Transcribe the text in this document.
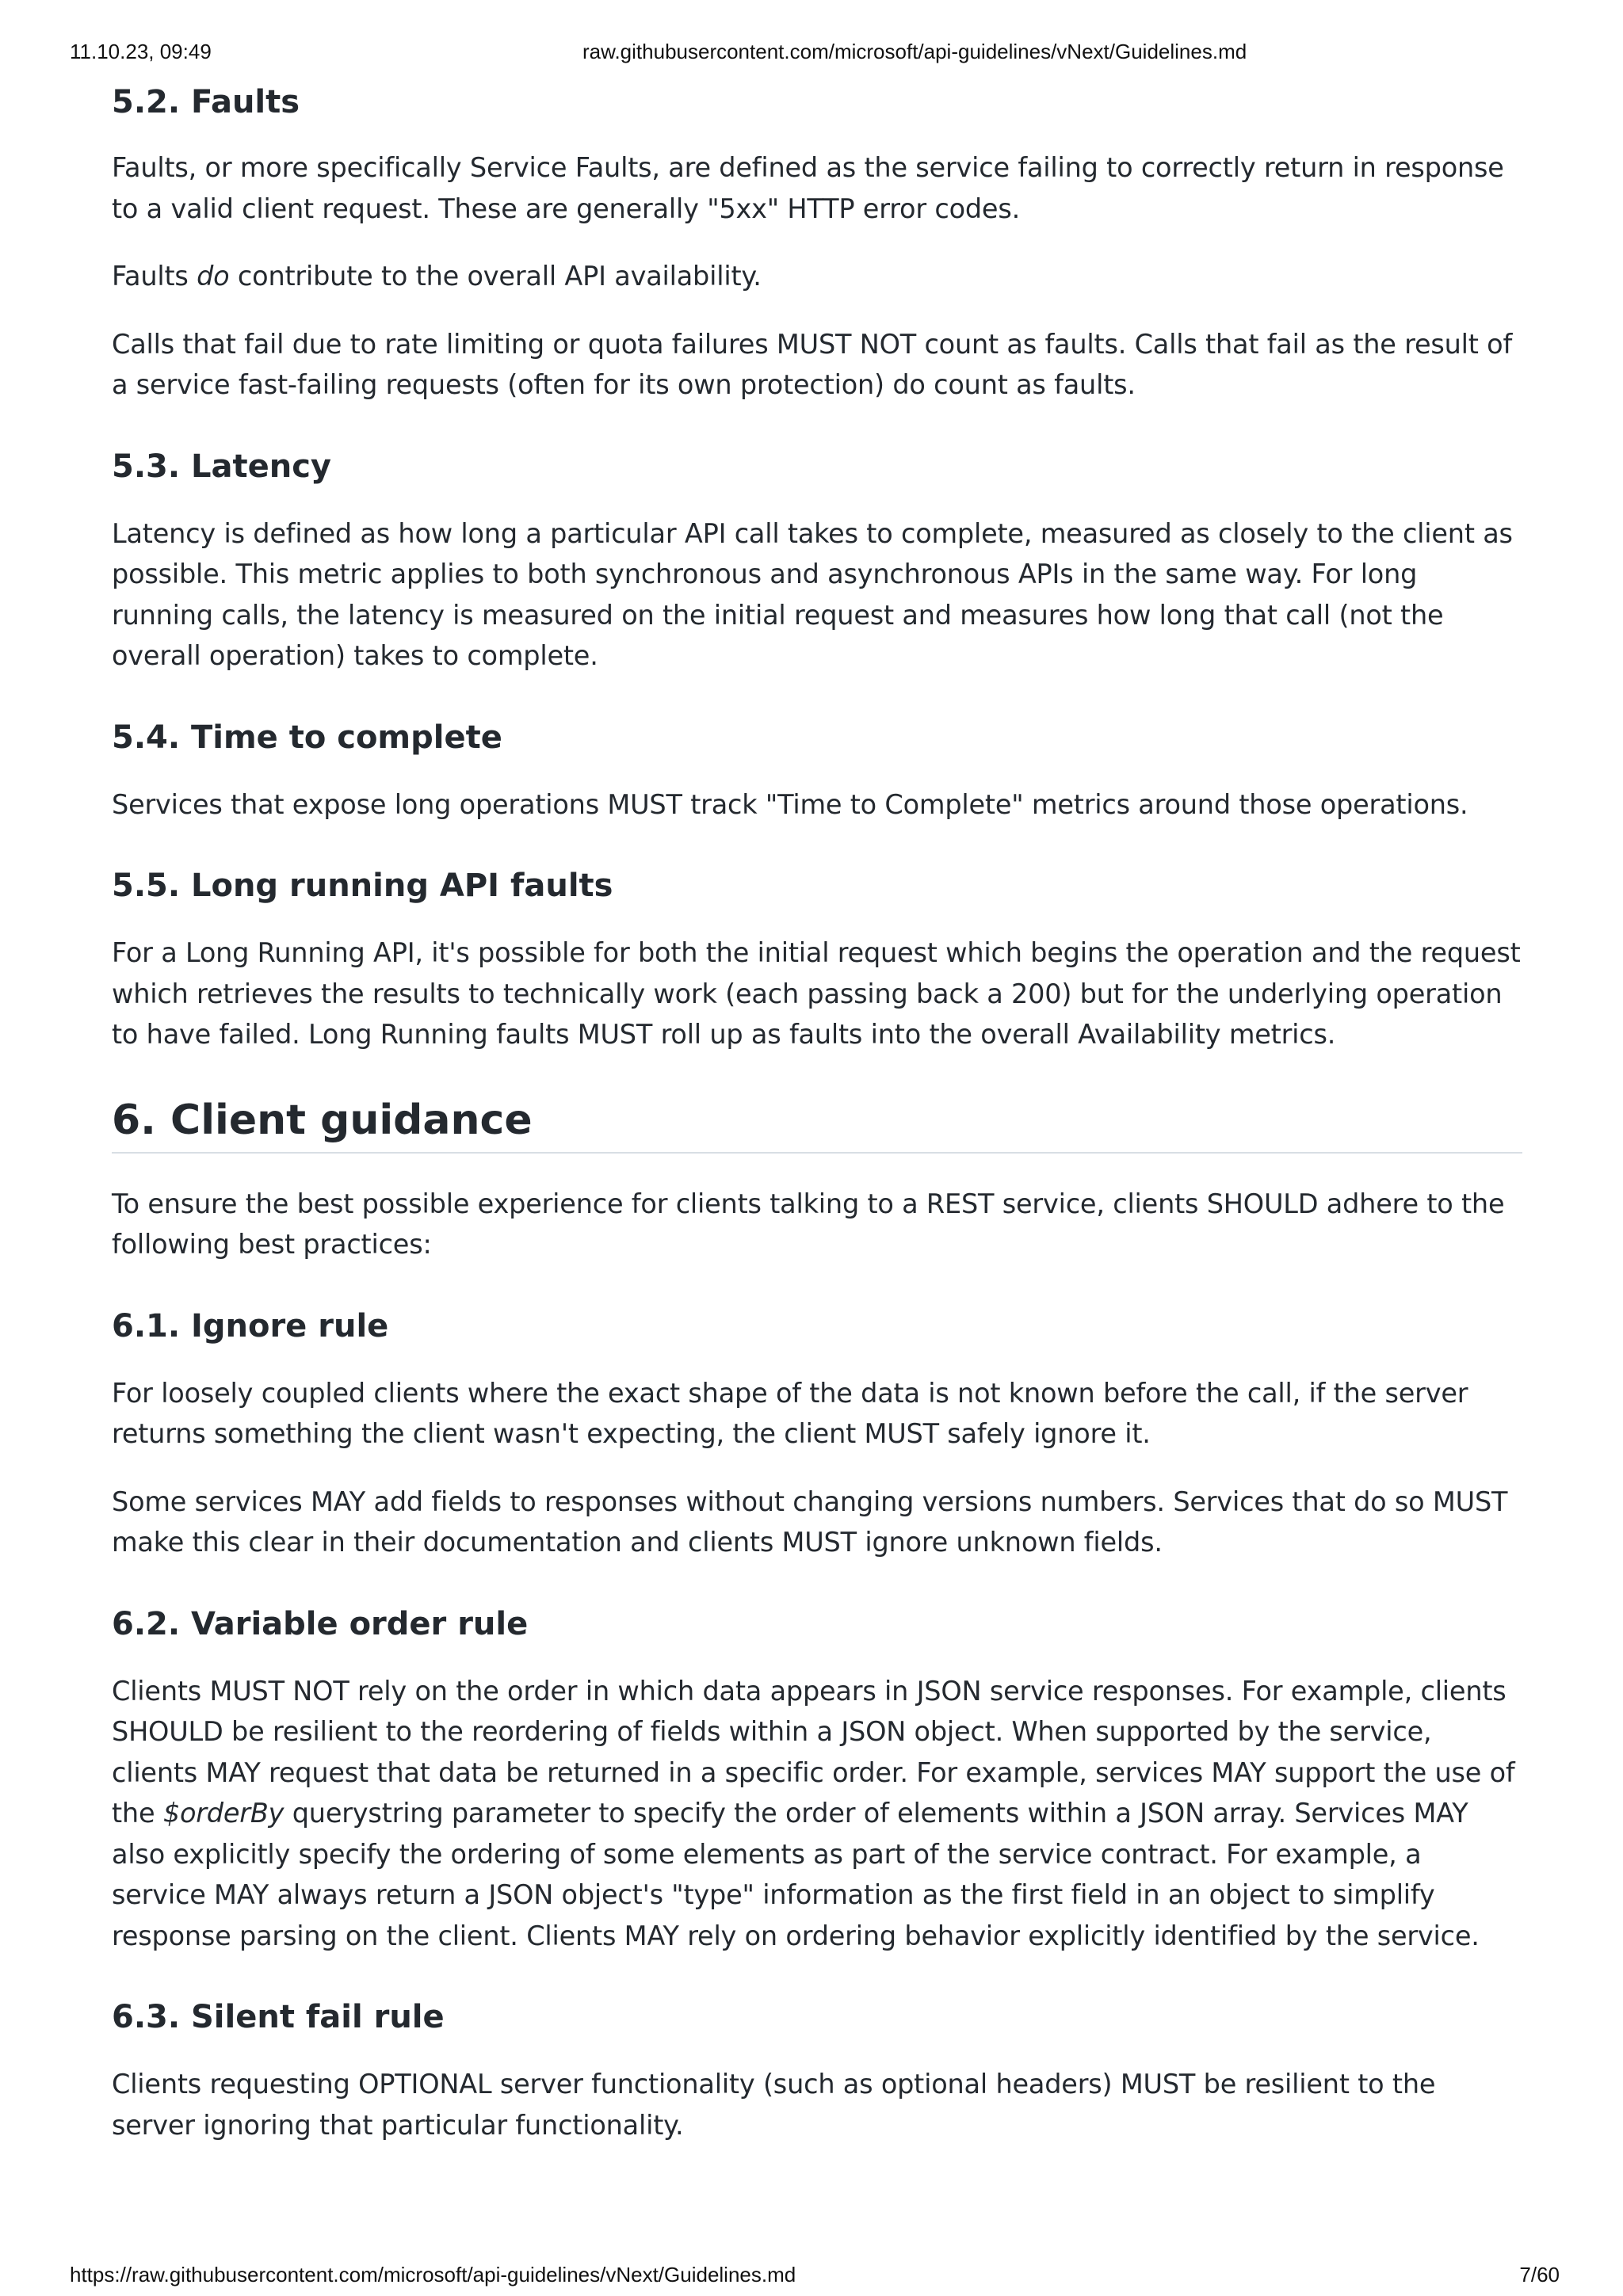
11.10.23, 09:49	raw.githubusercontent.com/microsoft/api-guidelines/vNext/Guidelines.md
5.2. Faults

Faults, or more specifically Service Faults, are defined as the service failing to correctly return in response to a valid client request. These are generally "5xx" HTTP error codes.

Faults do contribute to the overall API availability.

Calls that fail due to rate limiting or quota failures MUST NOT count as faults. Calls that fail as the result of a service fast-failing requests (often for its own protection) do count as faults.

5.3. Latency

Latency is defined as how long a particular API call takes to complete, measured as closely to the client as possible. This metric applies to both synchronous and asynchronous APIs in the same way. For long running calls, the latency is measured on the initial request and measures how long that call (not the overall operation) takes to complete.

5.4. Time to complete

Services that expose long operations MUST track "Time to Complete" metrics around those operations.

5.5. Long running API faults

For a Long Running API, it's possible for both the initial request which begins the operation and the request which retrieves the results to technically work (each passing back a 200) but for the underlying operation to have failed. Long Running faults MUST roll up as faults into the overall Availability metrics.

6. Client guidance

To ensure the best possible experience for clients talking to a REST service, clients SHOULD adhere to the following best practices:

6.1. Ignore rule

For loosely coupled clients where the exact shape of the data is not known before the call, if the server returns something the client wasn't expecting, the client MUST safely ignore it.

Some services MAY add fields to responses without changing versions numbers. Services that do so MUST make this clear in their documentation and clients MUST ignore unknown fields.

6.2. Variable order rule

Clients MUST NOT rely on the order in which data appears in JSON service responses. For example, clients SHOULD be resilient to the reordering of fields within a JSON object. When supported by the service, clients MAY request that data be returned in a specific order. For example, services MAY support the use of the $orderBy querystring parameter to specify the order of elements within a JSON array. Services MAY also explicitly specify the ordering of some elements as part of the service contract. For example, a service MAY always return a JSON object's "type" information as the first field in an object to simplify response parsing on the client. Clients MAY rely on ordering behavior explicitly identified by the service.

6.3. Silent fail rule

Clients requesting OPTIONAL server functionality (such as optional headers) MUST be resilient to the server ignoring that particular functionality.

https://raw.githubusercontent.com/microsoft/api-guidelines/vNext/Guidelines.md	7/60
